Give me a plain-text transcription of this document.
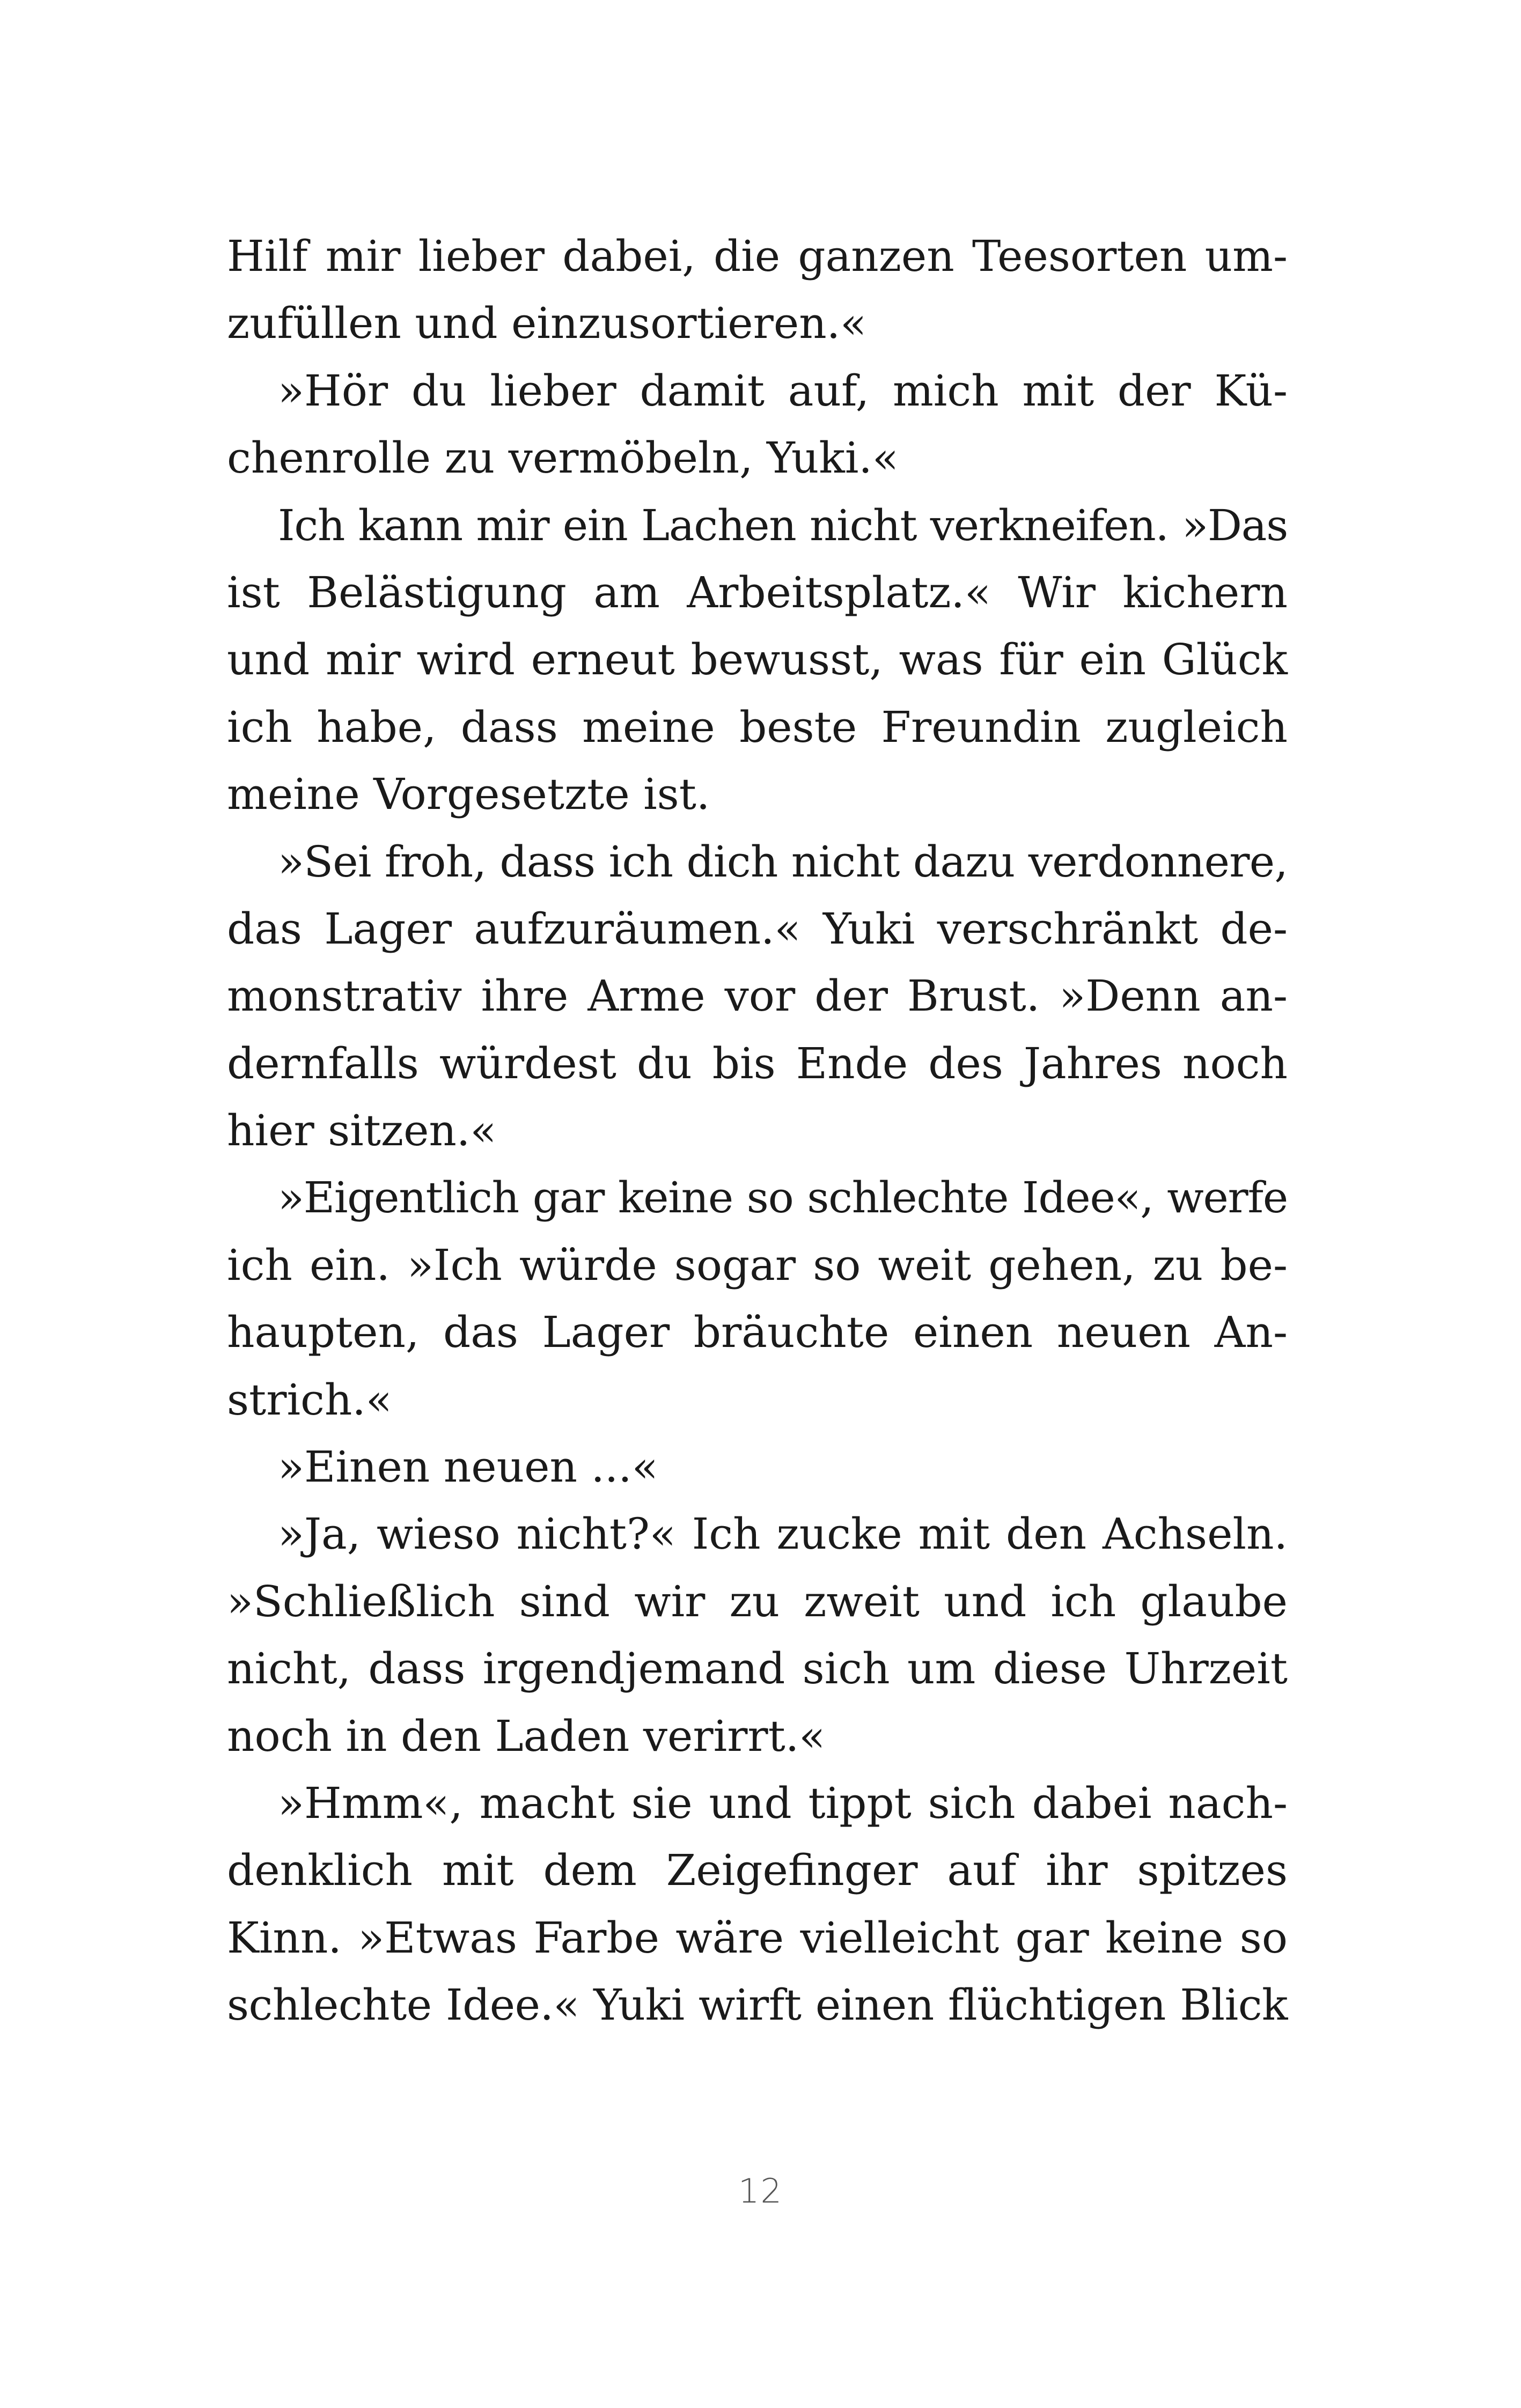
Hilf mir lieber dabei, die ganzen Teesorten um-
zufüllen und einzusortieren.«
»Hör du lieber damit auf, mich mit der Kü-
chenrolle zu vermöbeln, Yuki.«
Ich kann mir ein Lachen nicht verkneifen. »Das
ist Belästigung am Arbeitsplatz.« Wir kichern
und mir wird erneut bewusst, was für ein Glück
ich habe, dass meine beste Freundin zugleich
meine Vorgesetzte ist.
»Sei froh, dass ich dich nicht dazu verdonnere,
das Lager aufzuräumen.« Yuki verschränkt de-
monstrativ ihre Arme vor der Brust. »Denn an-
dernfalls würdest du bis Ende des Jahres noch
hier sitzen.«
»Eigentlich gar keine so schlechte Idee«, werfe
ich ein. »Ich würde sogar so weit gehen, zu be-
haupten, das Lager bräuchte einen neuen An-
strich.«
»Einen neuen ...«
»Ja, wieso nicht?« Ich zucke mit den Achseln.
»Schließlich sind wir zu zweit und ich glaube
nicht, dass irgendjemand sich um diese Uhrzeit
noch in den Laden verirrt.«
»Hmm«, macht sie und tippt sich dabei nach-
denklich mit dem Zeigefinger auf ihr spitzes
Kinn. »Etwas Farbe wäre vielleicht gar keine so
schlechte Idee.« Yuki wirft einen flüchtigen Blick
12
